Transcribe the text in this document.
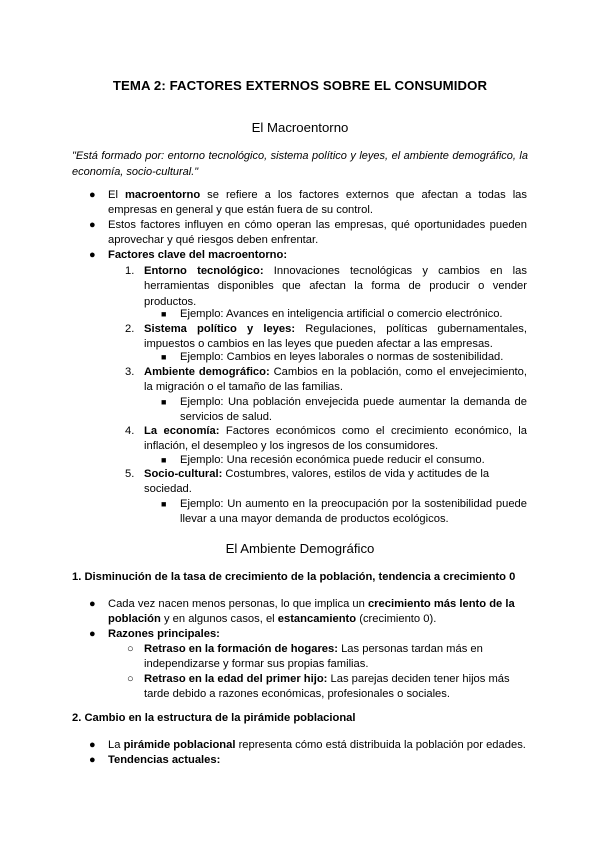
TEMA 2: FACTORES EXTERNOS SOBRE EL CONSUMIDOR
El Macroentorno
"Está formado por: entorno tecnológico, sistema político y leyes, el ambiente demográfico, la economía, socio-cultural."
● El macroentorno se refiere a los factores externos que afectan a todas las empresas en general y que están fuera de su control.
● Estos factores influyen en cómo operan las empresas, qué oportunidades pueden aprovechar y qué riesgos deben enfrentar.
● Factores clave del macroentorno:
1. Entorno tecnológico: Innovaciones tecnológicas y cambios en las herramientas disponibles que afectan la forma de producir o vender productos.
■ Ejemplo: Avances en inteligencia artificial o comercio electrónico.
2. Sistema político y leyes: Regulaciones, políticas gubernamentales, impuestos o cambios en las leyes que pueden afectar a las empresas.
■ Ejemplo: Cambios en leyes laborales o normas de sostenibilidad.
3. Ambiente demográfico: Cambios en la población, como el envejecimiento, la migración o el tamaño de las familias.
■ Ejemplo: Una población envejecida puede aumentar la demanda de servicios de salud.
4. La economía: Factores económicos como el crecimiento económico, la inflación, el desempleo y los ingresos de los consumidores.
■ Ejemplo: Una recesión económica puede reducir el consumo.
5. Socio-cultural: Costumbres, valores, estilos de vida y actitudes de la sociedad.
■ Ejemplo: Un aumento en la preocupación por la sostenibilidad puede llevar a una mayor demanda de productos ecológicos.
El Ambiente Demográfico
1. Disminución de la tasa de crecimiento de la población, tendencia a crecimiento 0
● Cada vez nacen menos personas, lo que implica un crecimiento más lento de la población y en algunos casos, el estancamiento (crecimiento 0).
● Razones principales:
○ Retraso en la formación de hogares: Las personas tardan más en independizarse y formar sus propias familias.
○ Retraso en la edad del primer hijo: Las parejas deciden tener hijos más tarde debido a razones económicas, profesionales o sociales.
2. Cambio en la estructura de la pirámide poblacional
● La pirámide poblacional representa cómo está distribuida la población por edades.
● Tendencias actuales:
